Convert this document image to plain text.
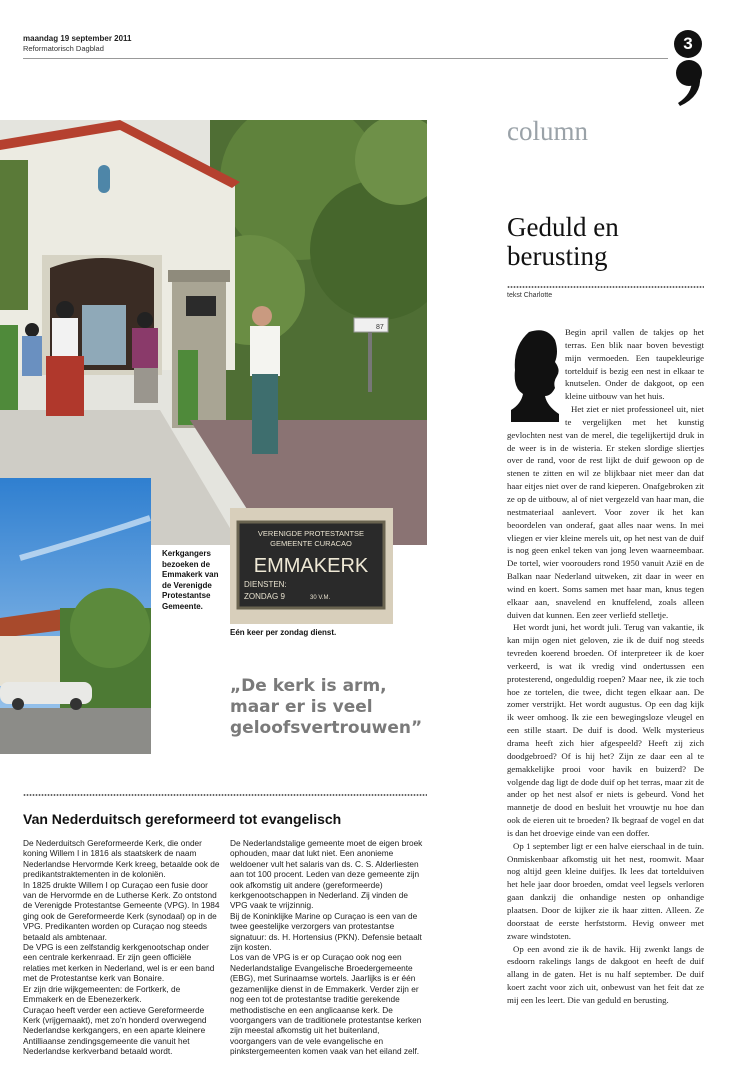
maandag 19 september 2011
Reformatorisch Dagblad	3
87
VERENIGDE PROTESTANTSE
GEMEENTE CURACAO
EMMAKERK
DIENSTEN:
ZONDAG 9	30 V.M.
Kerkgangers bezoeken de Emmakerk van de Verenigde Protestantse Gemeente.
Eén keer per zondag dienst.
„De kerk is arm, maar er is veel geloofsvertrouwen”
Van Nederduitsch gereformeerd tot evangelisch

De Nederduitsch Gereformeerde Kerk, die onder koning Willem I in 1816 als staatskerk de naam Nederlandse Hervormde Kerk kreeg, betaalde ook de predikantstraktementen in de koloniën.

In 1825 drukte Willem I op Curaçao een fusie door van de Hervormde en de Lutherse Kerk. Zo ontstond de Verenigde Protestantse Gemeente (VPG). In 1984 ging ook de Gereformeerde Kerk (synodaal) op in de VPG. Predikanten worden op Curaçao nog steeds betaald als ambtenaar.

De VPG is een zelfstandig kerkgenootschap onder een centrale kerkenraad. Er zijn geen officiële relaties met kerken in Nederland, wel is er een band met de Protestantse kerk van Bonaire.

Er zijn drie wijkgemeenten: de Fortkerk, de Emmakerk en de Ebenezerkerk.

Curaçao heeft verder een actieve Gereformeerde Kerk (vrijgemaakt), met zo’n honderd overwegend Nederlandse kerkgangers, en een aparte kleinere Antilliaanse zendingsgemeente die vanuit het Nederlandse kerkverband betaald wordt.

De Nederlandstalige gemeente moet de eigen broek ophouden, maar dat lukt niet. Een anonieme weldoener vult het salaris van ds. C. S. Alderliesten aan tot 100 procent. Leden van deze gemeente zijn ook afkomstig uit andere (gereformeerde) kerkgenootschappen in Nederland. Zij vinden de VPG vaak te vrijzinnig.

Bij de Koninklijke Marine op Curaçao is een van de twee geestelijke verzorgers van protestantse signatuur: ds. H. Hortensius (PKN). Defensie betaalt zijn kosten.

Los van de VPG is er op Curaçao ook nog een Nederlandstalige Evangelische Broedergemeente (EBG), met Surinaamse wortels. Jaarlijks is er één gezamenlijke dienst in de Emmakerk. Verder zijn er nog een tot de protestantse traditie gerekende methodistische en een anglicaanse kerk. De voorgangers van de traditionele protestantse kerken zijn meestal afkomstig uit het buitenland, voorgangers van de vele evangelische en pinkstergemeenten komen vaak van het eiland zelf.

column
Geduld en berusting
tekst Charlotte

Begin april vallen de takjes op het terras. Een blik naar boven bevestigt mijn vermoeden. Een taupekleurige tortelduif is bezig een nest in elkaar te knutselen. Onder de dakgoot, op een kleine uitbouw van het huis.

Het ziet er niet professioneel uit, niet te vergelijken met het kunstig gevlochten nest van de merel, die tegelijkertijd druk in de weer is in de wisteria. Er steken slordige sliertjes over de rand, voor de rest lijkt de duif gewoon op de stenen te zitten en wil ze blijkbaar niet meer dan dat haar eitjes niet over de rand kieperen. Onafgebroken zit ze op de uitbouw, al of niet vergezeld van haar man, die nestmateriaal aanlevert. Voor zover ik het kan beoordelen van onderaf, gaat alles naar wens. In mei vliegen er vier kleine merels uit, op het nest van de duif is nog geen enkel teken van jong leven waarneembaar. De tortel, wier voorouders rond 1950 vanuit Azië en de Balkan naar Nederland uitweken, zit daar in weer en wind en koert. Soms samen met haar man, knus tegen elkaar aan, snavelend en knuffelend, zoals alleen duiven dat kunnen. Een zeer verliefd stelletje.

Het wordt juni, het wordt juli. Terug van vakantie, ik kan mijn ogen niet geloven, zie ik de duif nog steeds tevreden koerend broeden. Of interpreteer ik de koer verkeerd, is wat ik vredig vind ondertussen een protesterend, ongeduldig roepen? Maar nee, ik zie toch hoe ze tortelen, die twee, dicht tegen elkaar aan. De zomer verstrijkt. Het wordt augustus. Op een dag kijk ik weer omhoog. Ik zie een bewegingsloze vleugel en een stille staart. De duif is dood. Welk mysterieus drama heeft zich hier afgespeeld? Heeft zij zich doodgebroed? Of is hij het? Zijn ze daar een al te gemakkelijke prooi voor havik en buizerd? De volgende dag ligt de dode duif op het terras, maar zit de ander op het nest alsof er niets is gebeurd. Vond het mannetje de dood en besluit het vrouwtje nu hoe dan ook de eieren uit te broeden? Ik begraaf de vogel en dat is dan het droevige einde van een doffer.

Op 1 september ligt er een halve eierschaal in de tuin. Onmiskenbaar afkomstig uit het nest, roomwit. Maar nog altijd geen kleine duifjes. Ik lees dat tortelduiven het hele jaar door broeden, omdat veel legsels verloren gaan dankzij die onhandige nesten op onhandige plaatsen. Door de kijker zie ik haar zitten. Alleen. Ze doorstaat de eerste herfststorm. Hevig onweer met zware windstoten.

Op een avond zie ik de havik. Hij zwenkt langs de esdoorn rakelings langs de dakgoot en heeft de duif allang in de gaten. Het is nu half september. De duif koert zacht voor zich uit, onbewust van het feit dat ze mij een les leert. Die van geduld en berusting.
